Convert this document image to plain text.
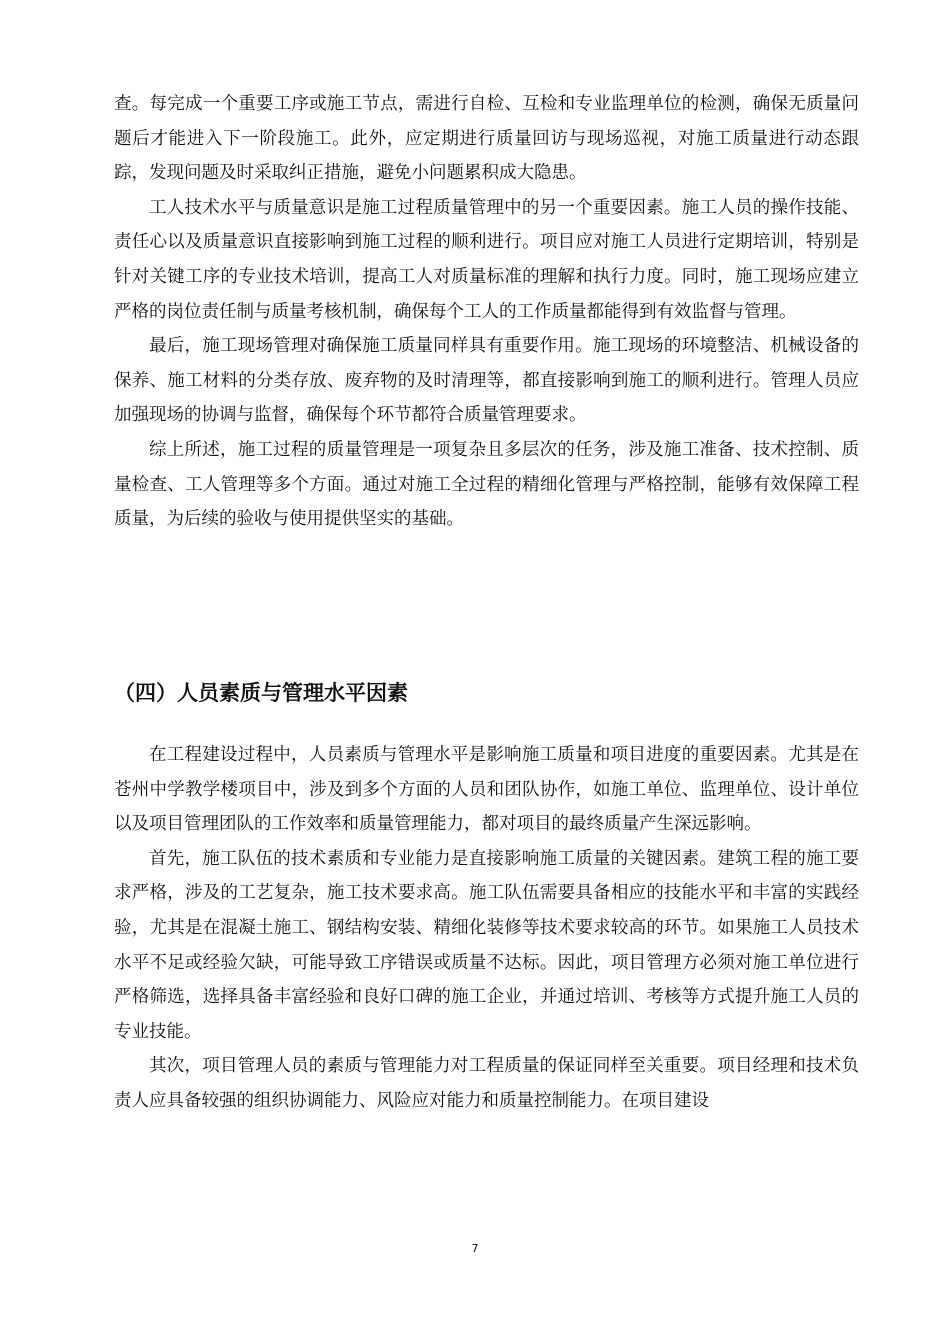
查。每完成一个重要工序或施工节点，需进行自检、互检和专业监理单位的检测，确保无质量问题后才能进入下一阶段施工。此外，应定期进行质量回访与现场巡视，对施工质量进行动态跟踪，发现问题及时采取纠正措施，避免小问题累积成大隐患。

工人技术水平与质量意识是施工过程质量管理中的另一个重要因素。施工人员的操作技能、责任心以及质量意识直接影响到施工过程的顺利进行。项目应对施工人员进行定期培训，特别是针对关键工序的专业技术培训，提高工人对质量标准的理解和执行力度。同时，施工现场应建立严格的岗位责任制与质量考核机制，确保每个工人的工作质量都能得到有效监督与管理。

最后，施工现场管理对确保施工质量同样具有重要作用。施工现场的环境整洁、机械设备的保养、施工材料的分类存放、废弃物的及时清理等，都直接影响到施工的顺利进行。管理人员应加强现场的协调与监督，确保每个环节都符合质量管理要求。

综上所述，施工过程的质量管理是一项复杂且多层次的任务，涉及施工准备、技术控制、质量检查、工人管理等多个方面。通过对施工全过程的精细化管理与严格控制，能够有效保障工程质量，为后续的验收与使用提供坚实的基础。

（四）人员素质与管理水平因素

在工程建设过程中，人员素质与管理水平是影响施工质量和项目进度的重要因素。尤其是在苍州中学教学楼项目中，涉及到多个方面的人员和团队协作，如施工单位、监理单位、设计单位以及项目管理团队的工作效率和质量管理能力，都对项目的最终质量产生深远影响。

首先，施工队伍的技术素质和专业能力是直接影响施工质量的关键因素。建筑工程的施工要求严格，涉及的工艺复杂，施工技术要求高。施工队伍需要具备相应的技能水平和丰富的实践经验，尤其是在混凝土施工、钢结构安装、精细化装修等技术要求较高的环节。如果施工人员技术水平不足或经验欠缺，可能导致工序错误或质量不达标。因此，项目管理方必须对施工单位进行严格筛选，选择具备丰富经验和良好口碑的施工企业，并通过培训、考核等方式提升施工人员的专业技能。

其次，项目管理人员的素质与管理能力对工程质量的保证同样至关重要。项目经理和技术负责人应具备较强的组织协调能力、风险应对能力和质量控制能力。在项目建设

7
